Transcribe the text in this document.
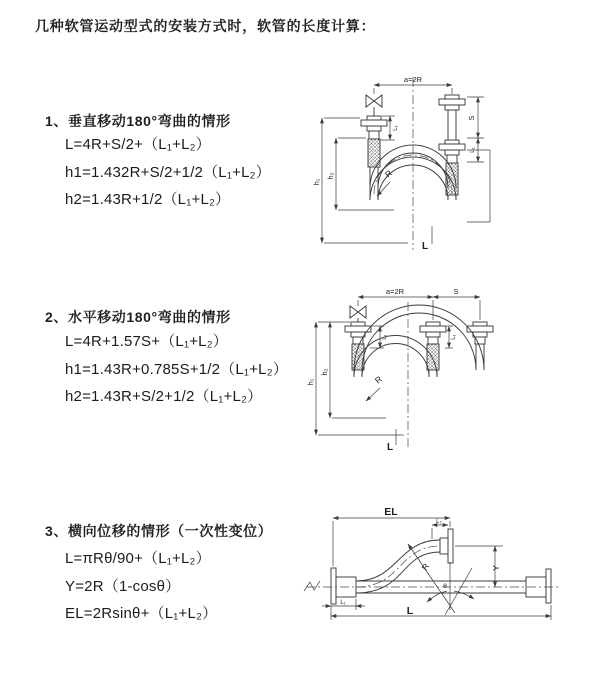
几种软管运动型式的安装方式时，软管的长度计算：
1、垂直移动180°弯曲的情形
L=4R+S/2+（L₁+L₂）
h1=1.432R+S/2+1/2（L₁+L₂）
h2=1.43R+1/2（L₁+L₂）
2、水平移动180°弯曲的情形
L=4R+1.57S+（L₁+L₂）
h1=1.43R+0.785S+1/2（L₁+L₂）
h2=1.43R+S/2+1/2（L₁+L₂）
3、横向位移的情形（一次性变位）
L=πRθ/90+（L₁+L₂）
Y=2R（1-cosθ）
EL=2Rsinθ+（L₁+L₂）
a=2R
h₁
h₂
L₁
S
L₁
R
L
a=2R	S
h₁
h₂
L₁	L₁
R
L
EL
L₂
Y
R
θ
L₁
L
